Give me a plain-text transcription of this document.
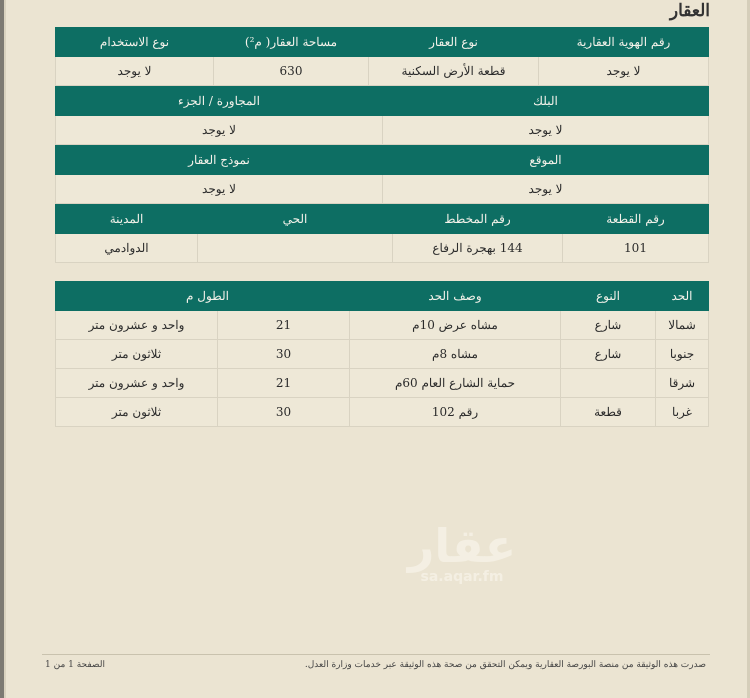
العقار
رقم الهوية العقارية	نوع العقار	مساحة العقار( م²)	نوع الاستخدام
لا يوجد	قطعة الأرض السكنية	630	لا يوجد
البلك	المجاورة / الجزء
لا يوجد	لا يوجد
الموقع	نموذج العقار
لا يوجد	لا يوجد
رقم القطعة	رقم المخطط	الحي	المدينة
101	144 بهجرة الرفاع		الدوادمي
الحد	النوع	وصف الحد	الطول م	
شمالا	شارع	مشاه عرض 10م	21	واحد و عشرون متر
جنوبا	شارع	مشاه 8م	30	ثلاثون متر
شرقا		حماية الشارع العام 60م	21	واحد و عشرون متر
غربا	قطعة	رقم 102	30	ثلاثون متر
عقار
sa.aqar.fm
صدرت هذه الوثيقة من منصة البورصة العقارية ويمكن التحقق من صحة هذه الوثيقة عبر خدمات وزارة العدل.
الصفحة 1 من 1
